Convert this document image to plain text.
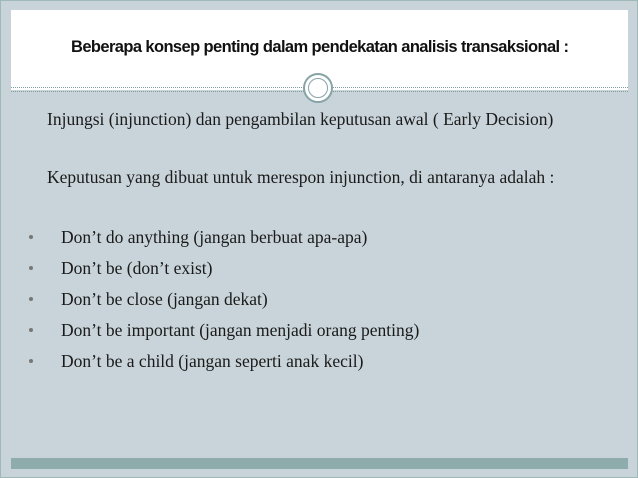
Beberapa konsep penting dalam pendekatan analisis transaksional :
Injungsi (injunction) dan pengambilan keputusan awal ( Early Decision)
Keputusan yang dibuat untuk merespon injunction, di antaranya adalah :
Don’t do anything (jangan berbuat apa-apa)
Don’t be (don’t exist)
Don’t be close (jangan dekat)
Don’t be important (jangan menjadi orang penting)
Don’t be a child (jangan seperti anak kecil)
